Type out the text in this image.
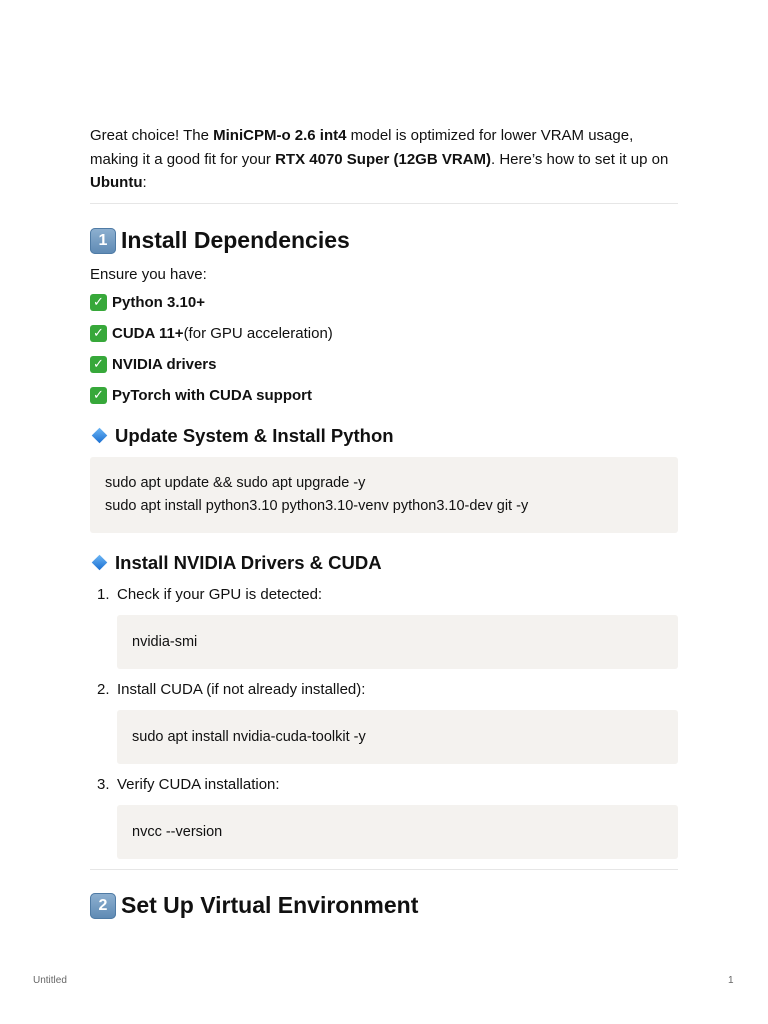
Great choice! The MiniCPM-o 2.6 int4 model is optimized for lower VRAM usage, making it a good fit for your RTX 4070 Super (12GB VRAM). Here’s how to set it up on Ubuntu:

1 Install Dependencies

Ensure you have:

✓ Python 3.10+
✓ CUDA 11+ (for GPU acceleration)
✓ NVIDIA drivers
✓ PyTorch with CUDA support
Update System & Install Python
sudo apt update && sudo apt upgrade -y
sudo apt install python3.10 python3.10-venv python3.10-dev git -y
Install NVIDIA Drivers & CUDA
1. Check if your GPU is detected:
nvidia-smi
2. Install CUDA (if not already installed):
sudo apt install nvidia-cuda-toolkit -y
3. Verify CUDA installation:
nvcc --version
2 Set Up Virtual Environment
Untitled	1
